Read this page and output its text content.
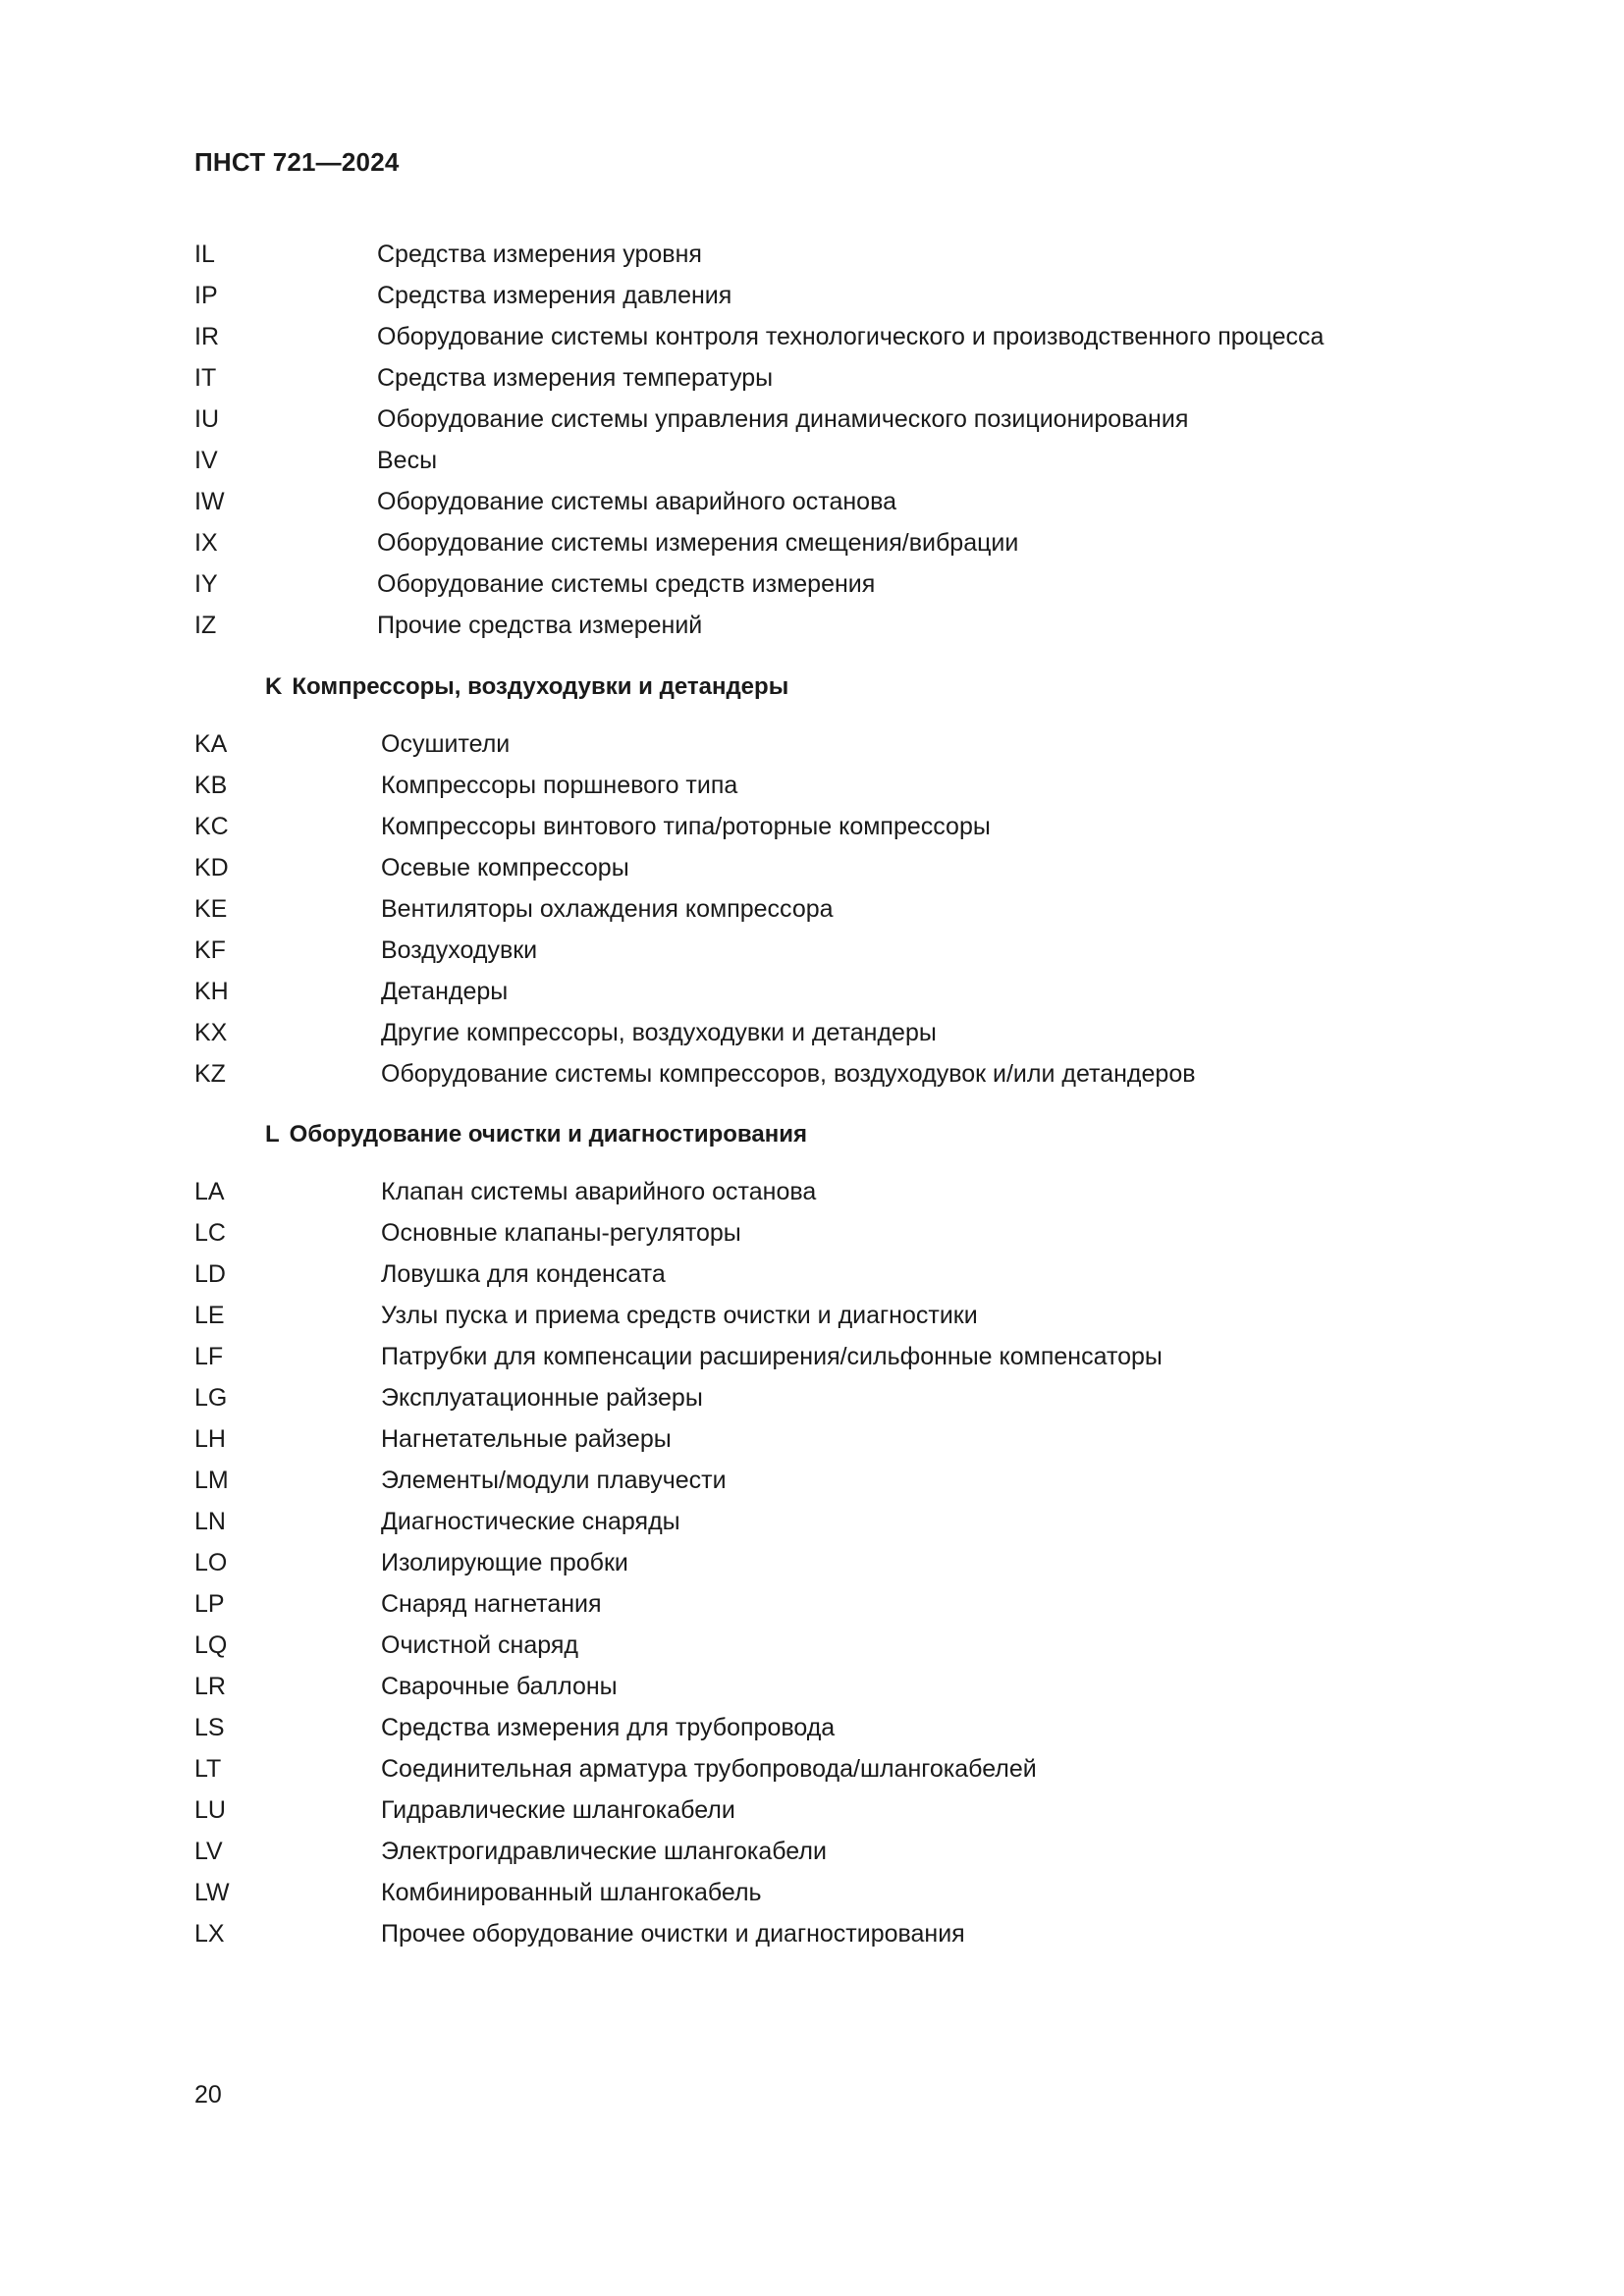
ПНСТ 721—2024
IL	Средства измерения уровня
IP	Средства измерения давления
IR	Оборудование системы контроля технологического и производственного процесса
IT	Средства измерения температуры
IU	Оборудование системы управления динамического позиционирования
IV	Весы
IW	Оборудование системы аварийного останова
IX	Оборудование системы измерения смещения/вибрации
IY	Оборудование системы средств измерения
IZ	Прочие средства измерений
K Компрессоры, воздуходувки и детандеры
KA	Осушители
KB	Компрессоры поршневого типа
KC	Компрессоры винтового типа/роторные компрессоры
KD	Осевые компрессоры
KE	Вентиляторы охлаждения компрессора
KF	Воздуходувки
KH	Детандеры
KX	Другие компрессоры, воздуходувки и детандеры
KZ	Оборудование системы компрессоров, воздуходувок и/или детандеров
L Оборудование очистки и диагностирования
LA	Клапан системы аварийного останова
LC	Основные клапаны-регуляторы
LD	Ловушка для конденсата
LE	Узлы пуска и приема средств очистки и диагностики
LF	Патрубки для компенсации расширения/сильфонные компенсаторы
LG	Эксплуатационные райзеры
LH	Нагнетательные райзеры
LM	Элементы/модули плавучести
LN	Диагностические снаряды
LO	Изолирующие пробки
LP	Снаряд нагнетания
LQ	Очистной снаряд
LR	Сварочные баллоны
LS	Средства измерения для трубопровода
LT	Соединительная арматура трубопровода/шлангокабелей
LU	Гидравлические шлангокабели
LV	Электрогидравлические шлангокабели
LW	Комбинированный шлангокабель
LX	Прочее оборудование очистки и диагностирования
20
